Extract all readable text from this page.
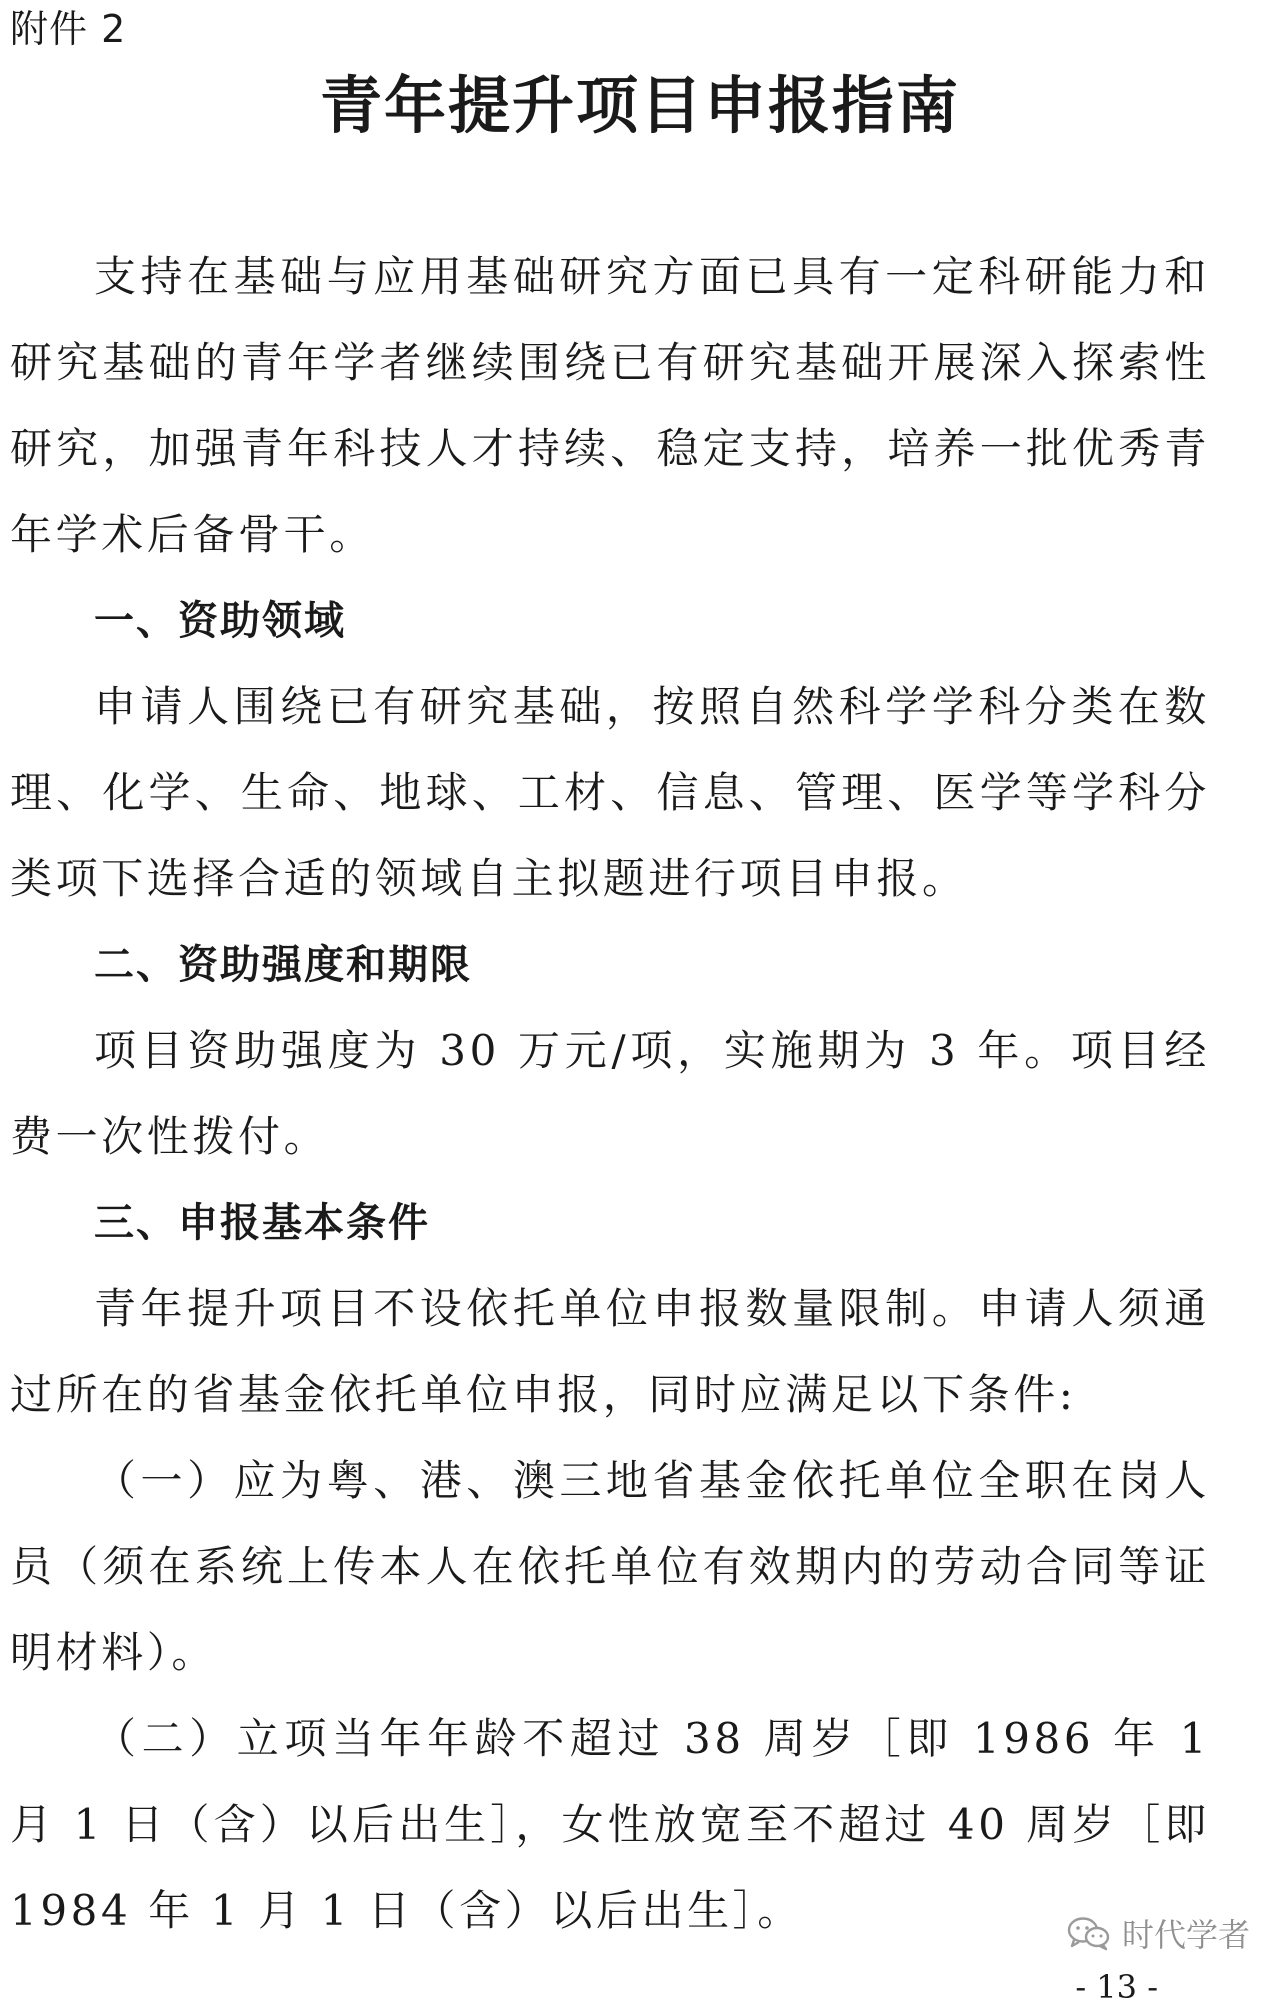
附件 2
青年提升项目申报指南

支持在基础与应用基础研究方面已具有一定科研能力和研究基础的青年学者继续围绕已有研究基础开展深入探索性研究，加强青年科技人才持续、稳定支持，培养一批优秀青年学术后备骨干。

一、资助领域

申请人围绕已有研究基础，按照自然科学学科分类在数理、化学、生命、地球、工材、信息、管理、医学等学科分类项下选择合适的领域自主拟题进行项目申报。

二、资助强度和期限

项目资助强度为 30 万元/项，实施期为 3 年。项目经费一次性拨付。

三、申报基本条件

青年提升项目不设依托单位申报数量限制。申请人须通过所在的省基金依托单位申报，同时应满足以下条件:

（一）应为粤、港、澳三地省基金依托单位全职在岗人员（须在系统上传本人在依托单位有效期内的劳动合同等证明材料）。

（二）立项当年年龄不超过 38 周岁［即 1986 年 1 月 1 日（含）以后出生］，女性放宽至不超过 40 周岁［即 1984 年 1 月 1 日（含）以后出生］。	时代学者
- 13 -
